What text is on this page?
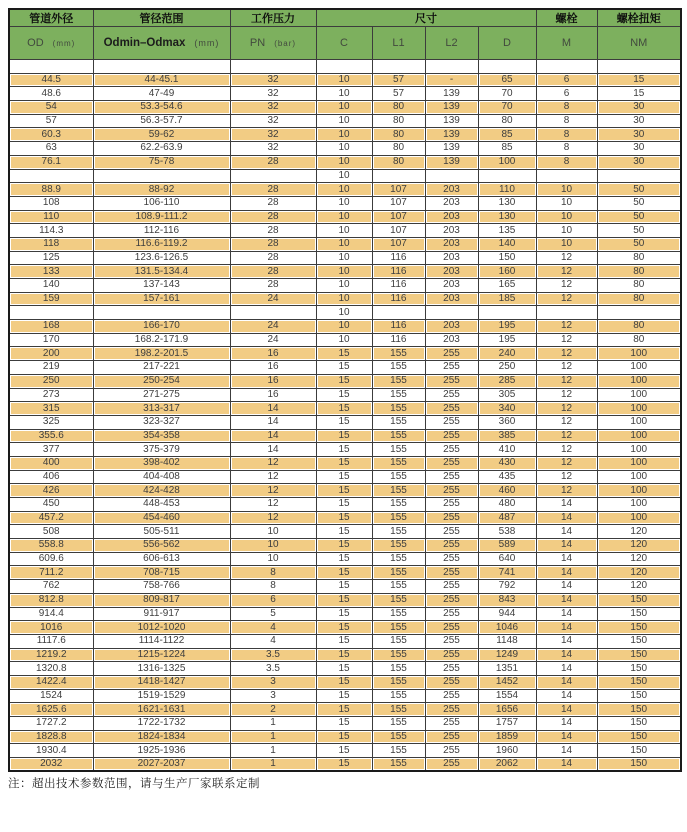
管道外径	管径范围	工作压力	尺寸				螺栓	螺栓扭矩
OD (mm)	Odmin–Odmax (mm)	PN (bar)	C	L1	L2	D	M	NM

44.5	44-45.1	32	10	57	-	65	6	15
48.6	47-49	32	10	57	139	70	6	15
54	53.3-54.6	32	10	80	139	70	8	30
57	56.3-57.7	32	10	80	139	80	8	30
60.3	59-62	32	10	80	139	85	8	30
63	62.2-63.9	32	10	80	139	85	8	30
76.1	75-78	28	10	80	139	100	8	30
			10					
88.9	88-92	28	10	107	203	110	10	50
108	106-110	28	10	107	203	130	10	50
110	108.9-111.2	28	10	107	203	130	10	50
114.3	112-116	28	10	107	203	135	10	50
118	116.6-119.2	28	10	107	203	140	10	50
125	123.6-126.5	28	10	116	203	150	12	80
133	131.5-134.4	28	10	116	203	160	12	80
140	137-143	28	10	116	203	165	12	80
159	157-161	24	10	116	203	185	12	80
			10					
168	166-170	24	10	116	203	195	12	80
170	168.2-171.9	24	10	116	203	195	12	80
200	198.2-201.5	16	15	155	255	240	12	100
219	217-221	16	15	155	255	250	12	100
250	250-254	16	15	155	255	285	12	100
273	271-275	16	15	155	255	305	12	100
315	313-317	14	15	155	255	340	12	100
325	323-327	14	15	155	255	360	12	100
355.6	354-358	14	15	155	255	385	12	100
377	375-379	14	15	155	255	410	12	100
400	398-402	12	15	155	255	430	12	100
406	404-408	12	15	155	255	435	12	100
426	424-428	12	15	155	255	460	12	100
450	448-453	12	15	155	255	480	14	100
457.2	454-460	12	15	155	255	487	14	100
508	505-511	10	15	155	255	538	14	120
558.8	556-562	10	15	155	255	589	14	120
609.6	606-613	10	15	155	255	640	14	120
711.2	708-715	8	15	155	255	741	14	120
762	758-766	8	15	155	255	792	14	120
812.8	809-817	6	15	155	255	843	14	150
914.4	911-917	5	15	155	255	944	14	150
1016	1012-1020	4	15	155	255	1046	14	150
1117.6	1114-1122	4	15	155	255	1148	14	150
1219.2	1215-1224	3.5	15	155	255	1249	14	150
1320.8	1316-1325	3.5	15	155	255	1351	14	150
1422.4	1418-1427	3	15	155	255	1452	14	150
1524	1519-1529	3	15	155	255	1554	14	150
1625.6	1621-1631	2	15	155	255	1656	14	150
1727.2	1722-1732	1	15	155	255	1757	14	150
1828.8	1824-1834	1	15	155	255	1859	14	150
1930.4	1925-1936	1	15	155	255	1960	14	150
2032	2027-2037	1	15	155	255	2062	14	150
注：超出技术参数范围，请与生产厂家联系定制
